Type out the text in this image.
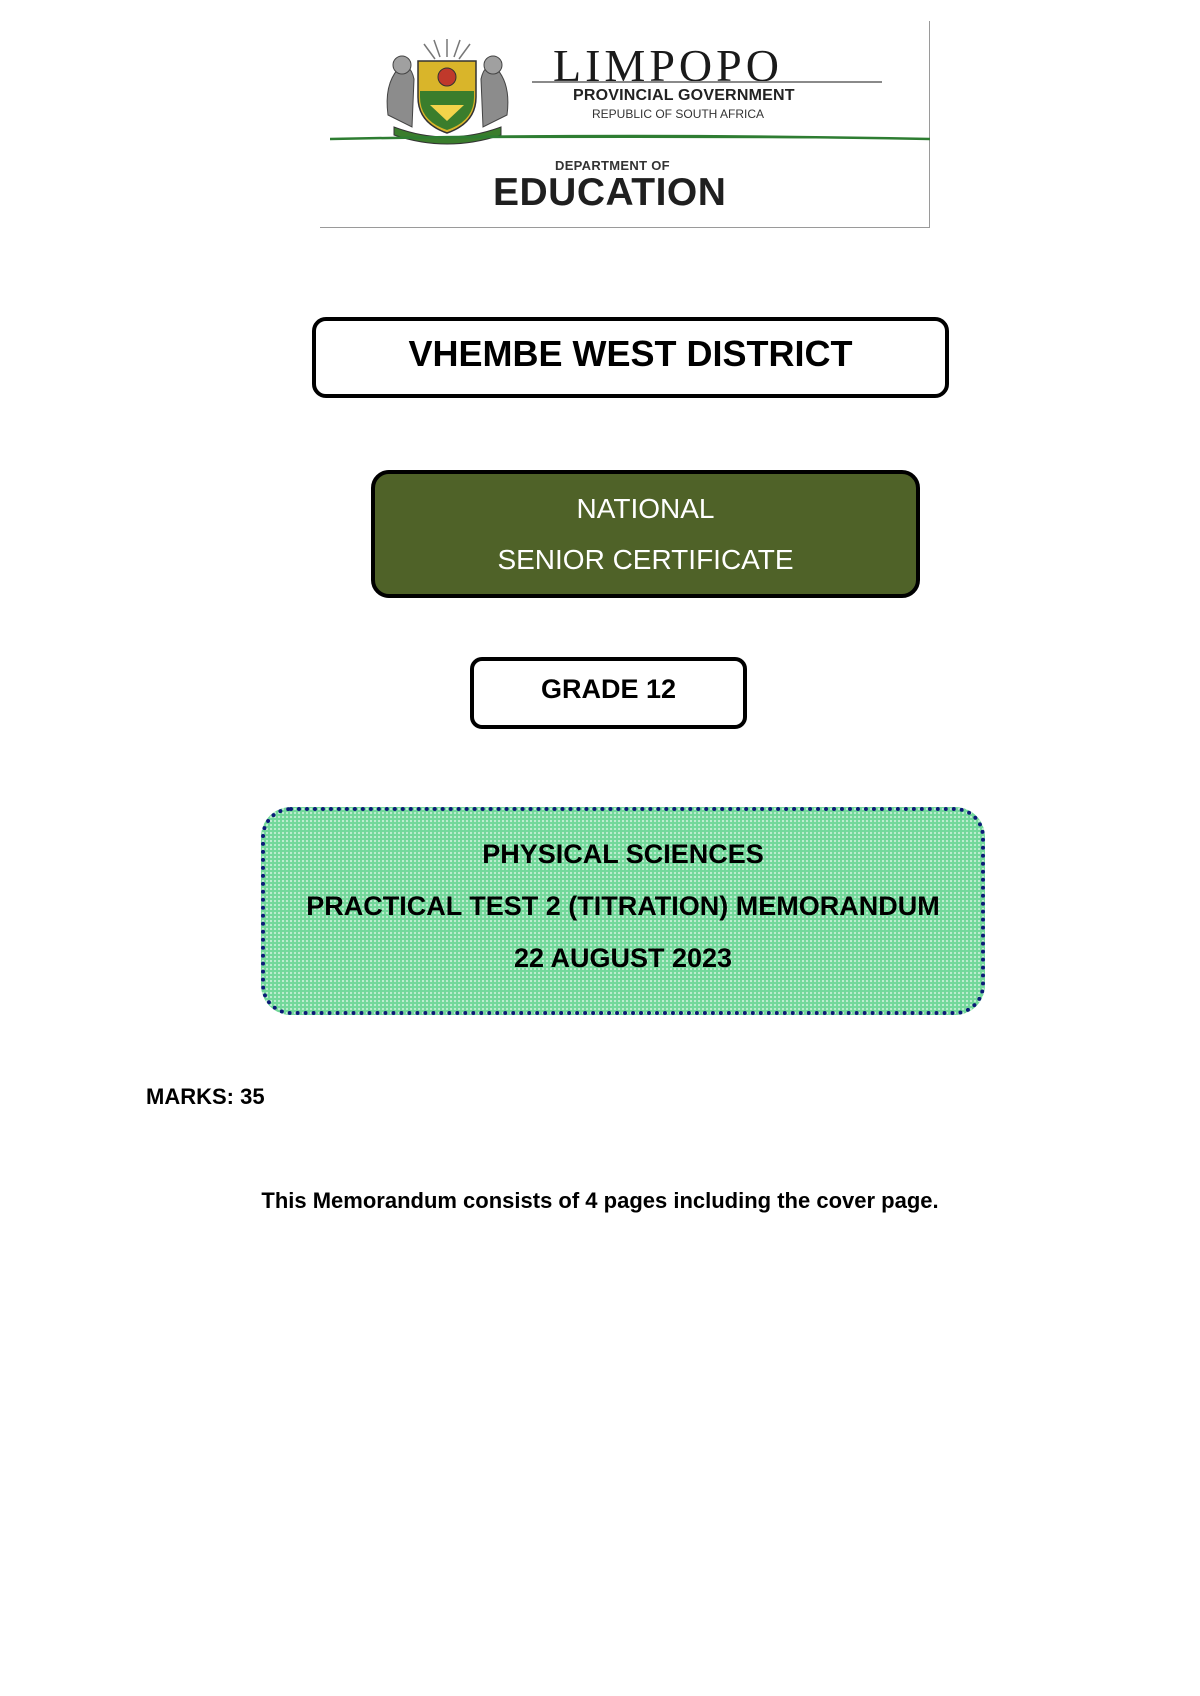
LIMPOPO
PROVINCIAL GOVERNMENT
REPUBLIC OF SOUTH AFRICA
DEPARTMENT OF
EDUCATION
VHEMBE WEST DISTRICT
NATIONAL
SENIOR CERTIFICATE
GRADE 12
PHYSICAL SCIENCES
PRACTICAL TEST 2 (TITRATION) MEMORANDUM
22 AUGUST 2023
MARKS: 35
This Memorandum consists of 4 pages including the cover page.
